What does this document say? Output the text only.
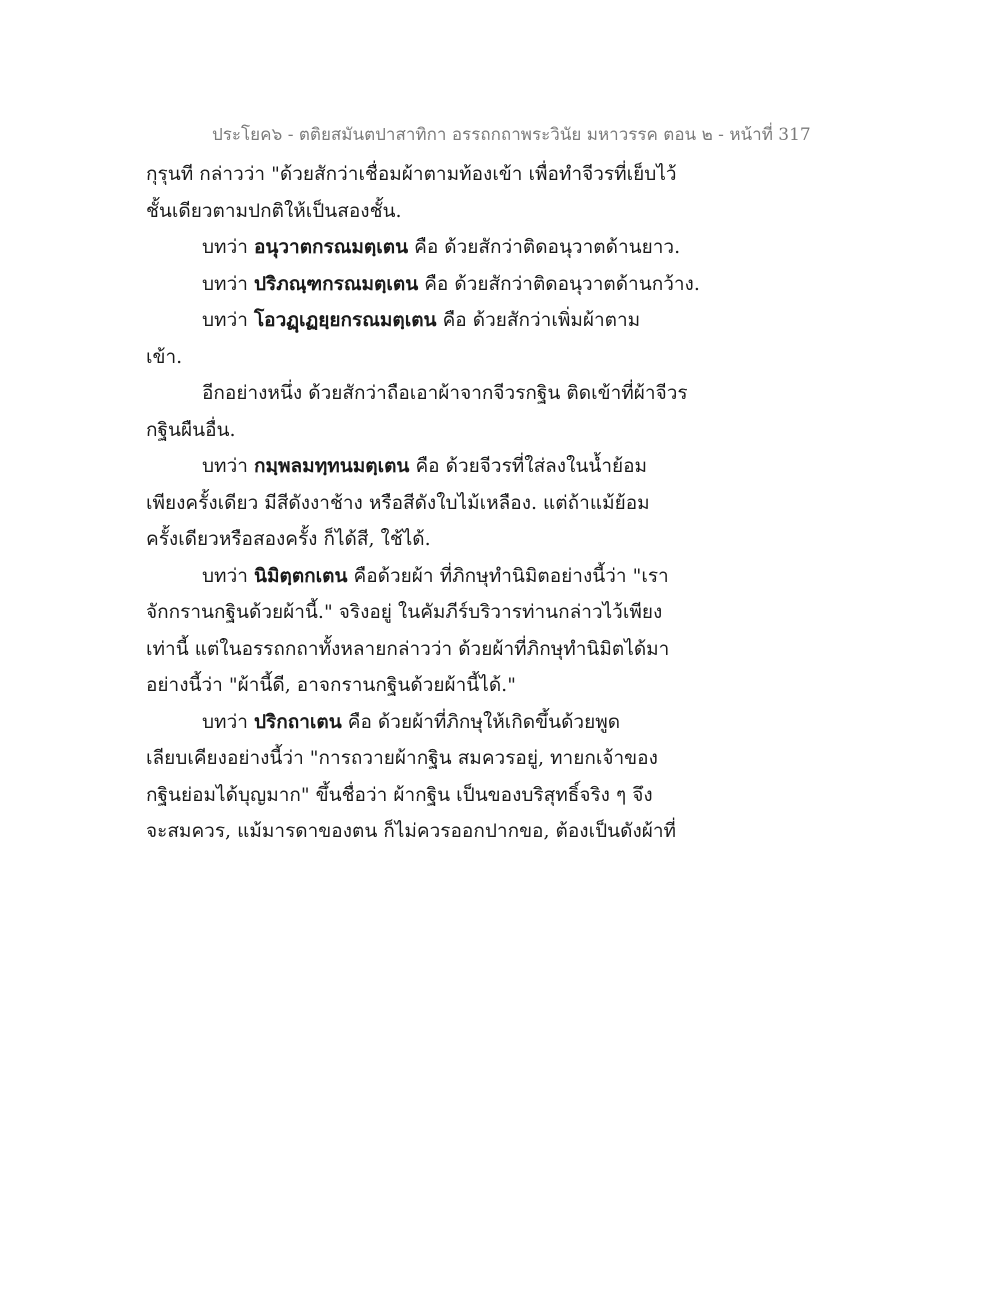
ประโยค๖ - ตติยสมันตปาสาทิกา อรรถกถาพระวินัย มหาวรรค ตอน ๒ - หน้าที่ 317
กุรุนที กล่าวว่า "ด้วยสักว่าเชื่อมผ้าตามท้องเข้า เพื่อทำจีวรที่เย็บไว้
ชั้นเดียวตามปกติให้เป็นสองชั้น.
บทว่า อนุวาตกรณมตฺเตน คือ ด้วยสักว่าติดอนุวาตด้านยาว.
บทว่า ปริภณฺฑกรณมตฺเตน คือ ด้วยสักว่าติดอนุวาตด้านกว้าง.
บทว่า โอวฏฺเฏยฺยกรณมตฺเตน คือ ด้วยสักว่าเพิ่มผ้าตาม
เข้า.
อีกอย่างหนึ่ง ด้วยสักว่าถือเอาผ้าจากจีวรกฐิน ติดเข้าที่ผ้าจีวร
กฐินผืนอื่น.
บทว่า กมฺพลมทฺทนมตฺเตน คือ ด้วยจีวรที่ใส่ลงในน้ำย้อม
เพียงครั้งเดียว มีสีดังงาช้าง หรือสีดังใบไม้เหลือง. แต่ถ้าแม้ย้อม
ครั้งเดียวหรือสองครั้ง ก็ได้สี, ใช้ได้.
บทว่า นิมิตฺตกเตน คือด้วยผ้า ที่ภิกษุทำนิมิตอย่างนี้ว่า "เรา
จักกรานกฐินด้วยผ้านี้." จริงอยู่ ในคัมภีร์บริวารท่านกล่าวไว้เพียง
เท่านี้ แต่ในอรรถกถาทั้งหลายกล่าวว่า ด้วยผ้าที่ภิกษุทำนิมิตได้มา
อย่างนี้ว่า "ผ้านี้ดี, อาจกรานกฐินด้วยผ้านี้ได้."
บทว่า ปริกถาเตน คือ ด้วยผ้าที่ภิกษุให้เกิดขึ้นด้วยพูด
เลียบเคียงอย่างนี้ว่า "การถวายผ้ากฐิน สมควรอยู่, ทายกเจ้าของ
กฐินย่อมได้บุญมาก" ขึ้นชื่อว่า ผ้ากฐิน เป็นของบริสุทธิ์จริง ๆ จึง
จะสมควร, แม้มารดาของตน ก็ไม่ควรออกปากขอ, ต้องเป็นดังผ้าที่
